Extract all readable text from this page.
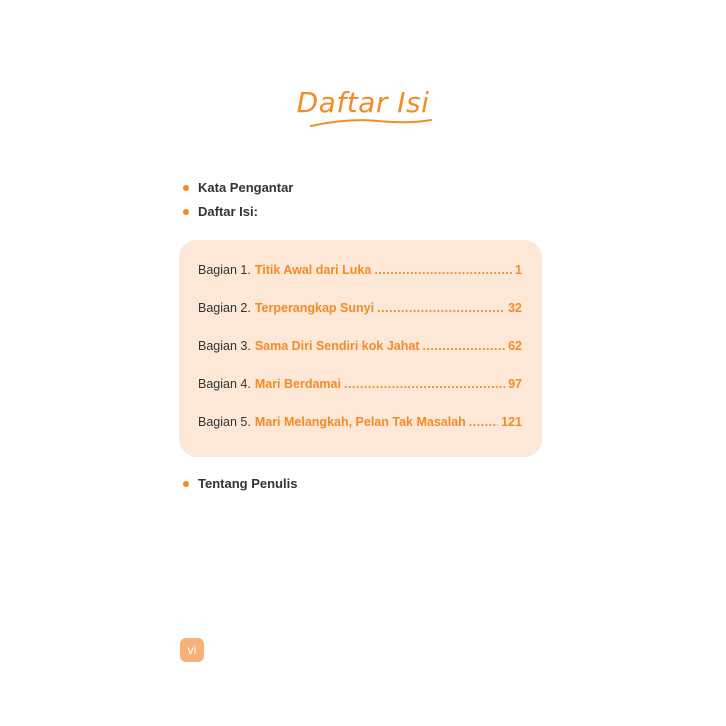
Daftar Isi
Kata Pengantar
Daftar Isi:
Bagian 1. Titik Awal dari Luka .....	1
Bagian 2. Terperangkap Sunyi .....	32
Bagian 3. Sama Diri Sendiri kok Jahat .....	62
Bagian 4. Mari Berdamai .....	97
Bagian 5. Mari Melangkah, Pelan Tak Masalah .....	121
Tentang Penulis
vi
